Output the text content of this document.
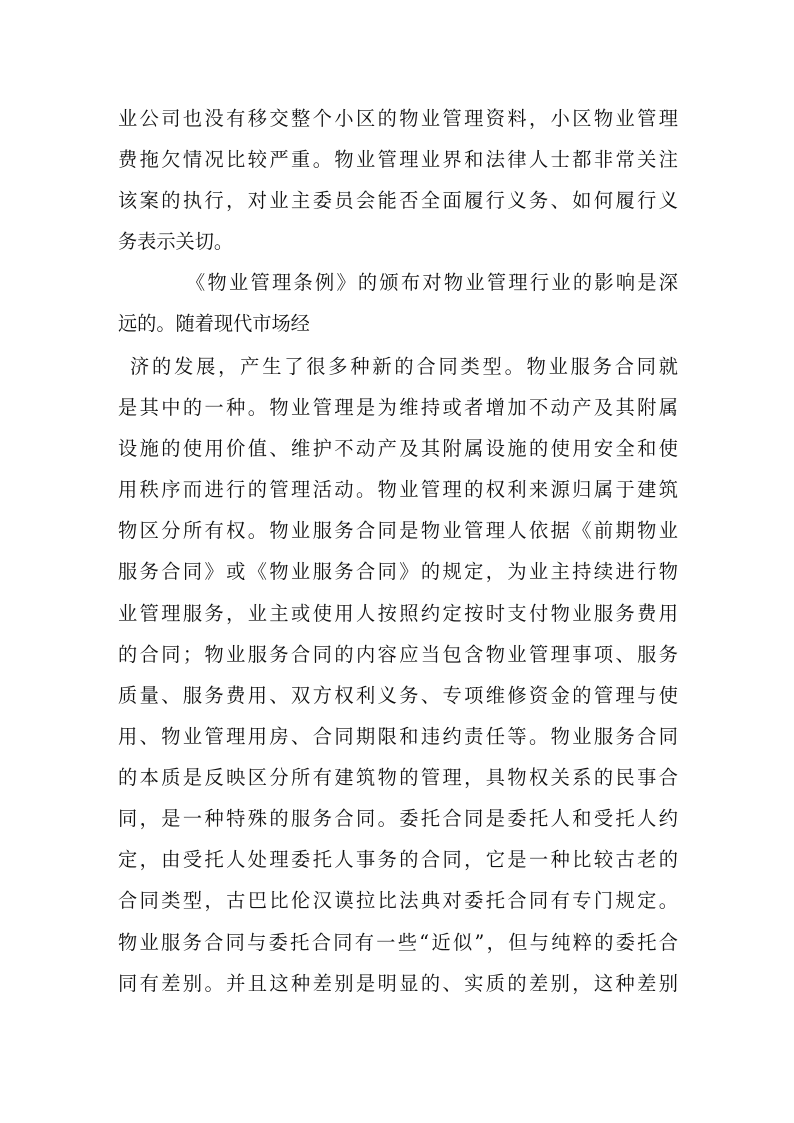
业公司也没有移交整个小区的物业管理资料，小区物业管理
费拖欠情况比较严重。物业管理业界和法律人士都非常关注
该案的执行，对业主委员会能否全面履行义务、如何履行义
务表示关切。
《物业管理条例》的颁布对物业管理行业的影响是深
远的。随着现代市场经
济的发展，产生了很多种新的合同类型。物业服务合同就
是其中的一种。物业管理是为维持或者增加不动产及其附属
设施的使用价值、维护不动产及其附属设施的使用安全和使
用秩序而进行的管理活动。物业管理的权利来源归属于建筑
物区分所有权。物业服务合同是物业管理人依据《前期物业
服务合同》或《物业服务合同》的规定，为业主持续进行物
业管理服务，业主或使用人按照约定按时支付物业服务费用
的合同；物业服务合同的内容应当包含物业管理事项、服务
质量、服务费用、双方权利义务、专项维修资金的管理与使
用、物业管理用房、合同期限和违约责任等。物业服务合同
的本质是反映区分所有建筑物的管理，具物权关系的民事合
同，是一种特殊的服务合同。委托合同是委托人和受托人约
定，由受托人处理委托人事务的合同，它是一种比较古老的
合同类型，古巴比伦汉谟拉比法典对委托合同有专门规定。
物业服务合同与委托合同有一些“近似”，但与纯粹的委托合
同有差别。并且这种差别是明显的、实质的差别，这种差别
